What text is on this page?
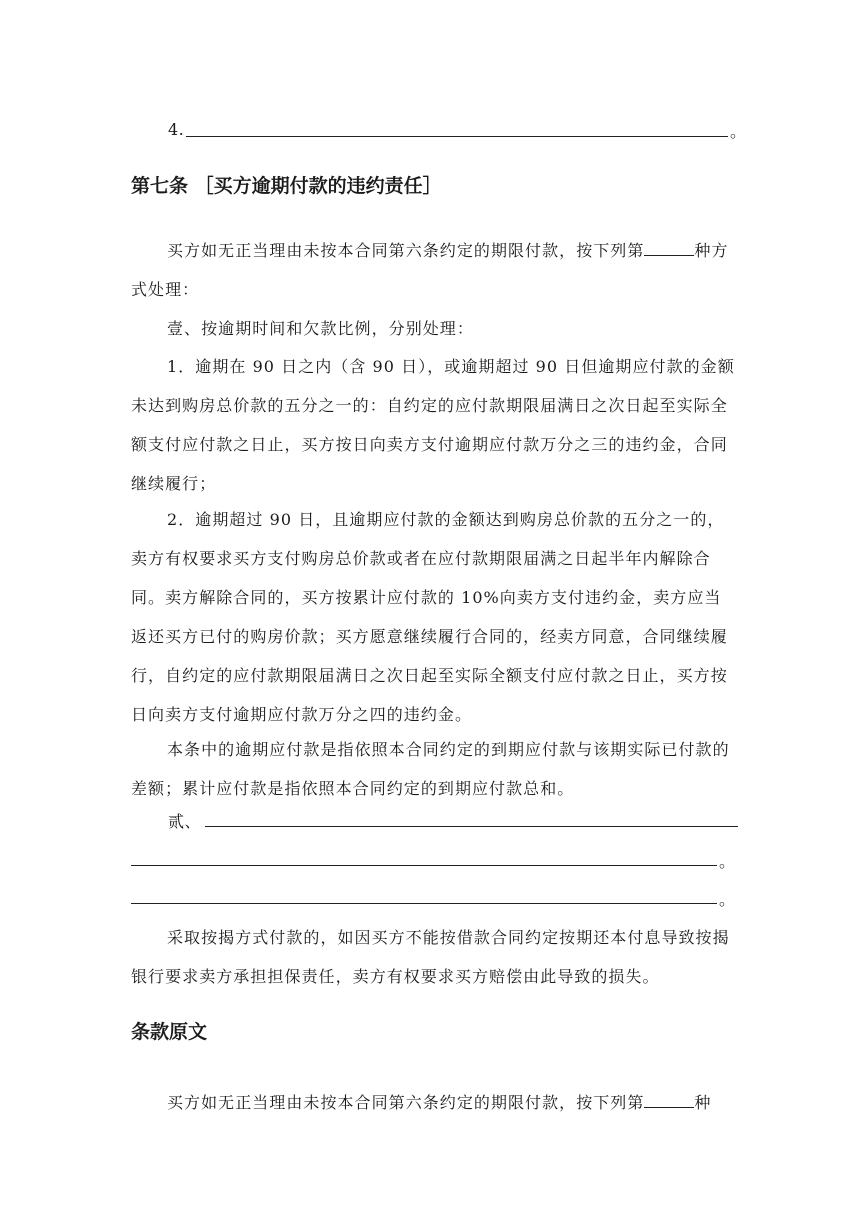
4.	。
第七条 ［买方逾期付款的违约责任］
买方如无正当理由未按本合同第六条约定的期限付款，按下列第	种方式处理：
壹、按逾期时间和欠款比例，分别处理：
1．逾期在 90 日之内（含 90 日），或逾期超过 90 日但逾期应付款的金额未达到购房总价款的五分之一的：自约定的应付款期限届满日之次日起至实际全额支付应付款之日止，买方按日向卖方支付逾期应付款万分之三的违约金，合同继续履行；
2．逾期超过 90 日，且逾期应付款的金额达到购房总价款的五分之一的，卖方有权要求买方支付购房总价款或者在应付款期限届满之日起半年内解除合同。卖方解除合同的，买方按累计应付款的 10%向卖方支付违约金，卖方应当返还买方已付的购房价款；买方愿意继续履行合同的，经卖方同意，合同继续履行，自约定的应付款期限届满日之次日起至实际全额支付应付款之日止，买方按日向卖方支付逾期应付款万分之四的违约金。
本条中的逾期应付款是指依照本合同约定的到期应付款与该期实际已付款的差额；累计应付款是指依照本合同约定的到期应付款总和。
贰、
。
。
采取按揭方式付款的，如因买方不能按借款合同约定按期还本付息导致按揭银行要求卖方承担担保责任，卖方有权要求买方赔偿由此导致的损失。
条款原文
买方如无正当理由未按本合同第六条约定的期限付款，按下列第	种
